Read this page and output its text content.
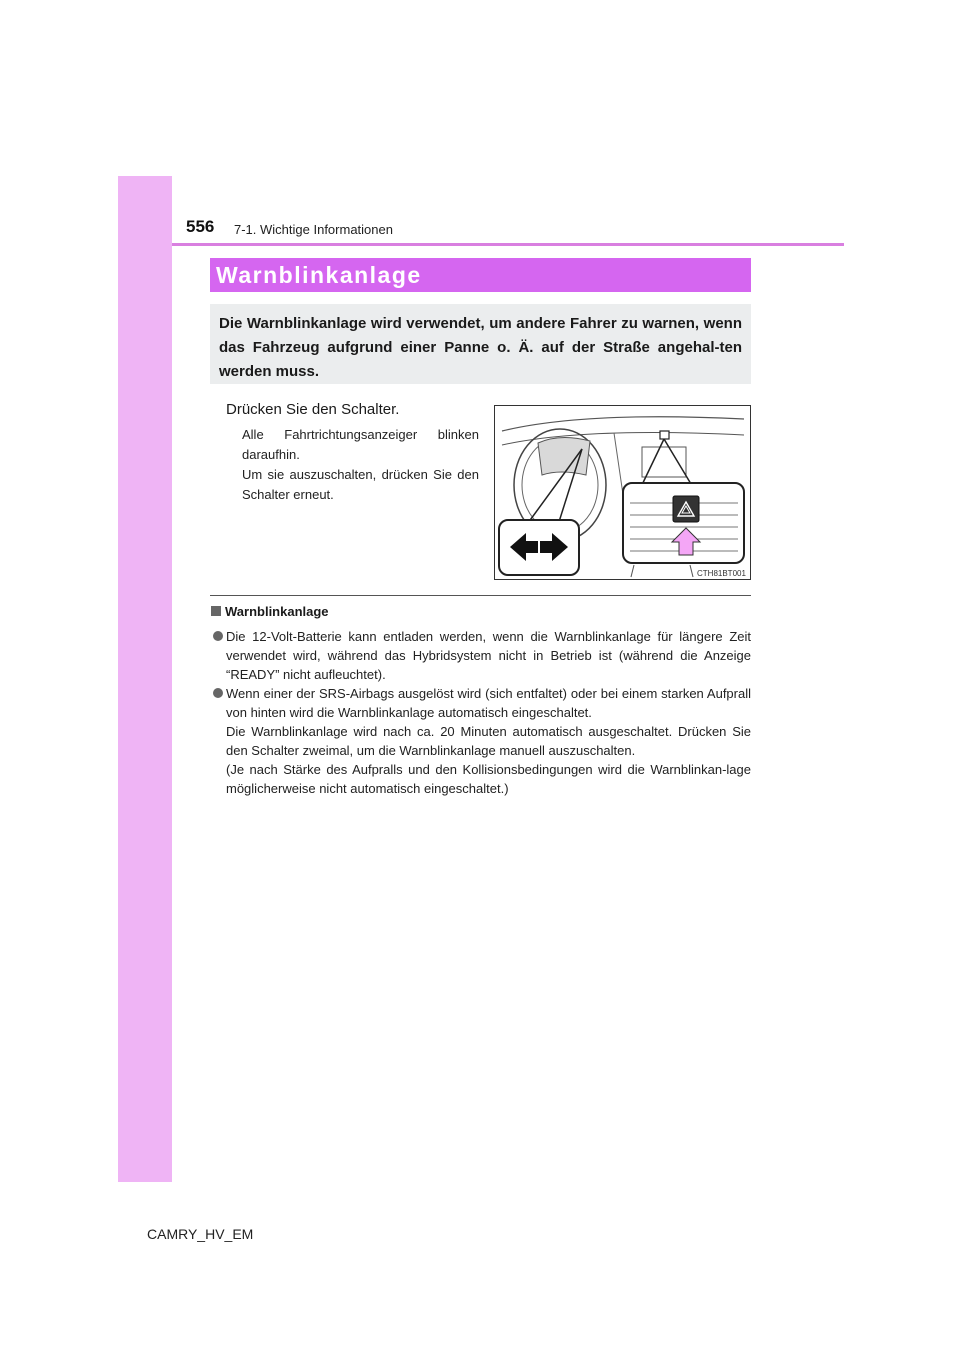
556 7-1. Wichtige Informationen
Warnblinkanlage
Die Warnblinkanlage wird verwendet, um andere Fahrer zu warnen, wenn das Fahrzeug aufgrund einer Panne o. Ä. auf der Straße angehal-ten werden muss.
Drücken Sie den Schalter.

Alle Fahrtrichtungsanzeiger blinken daraufhin.

Um sie auszuschalten, drücken Sie den Schalter erneut.

CTH81BT001
Warnblinkanlage
Die 12-Volt-Batterie kann entladen werden, wenn die Warnblinkanlage für längere Zeit verwendet wird, während das Hybridsystem nicht in Betrieb ist (während die Anzeige “READY” nicht aufleuchtet).

Wenn einer der SRS-Airbags ausgelöst wird (sich entfaltet) oder bei einem starken Aufprall von hinten wird die Warnblinkanlage automatisch eingeschaltet.

Die Warnblinkanlage wird nach ca. 20 Minuten automatisch ausgeschaltet. Drücken Sie den Schalter zweimal, um die Warnblinkanlage manuell auszuschalten.

(Je nach Stärke des Aufpralls und den Kollisionsbedingungen wird die Warnblinkan-lage möglicherweise nicht automatisch eingeschaltet.)

CAMRY_HV_EM
